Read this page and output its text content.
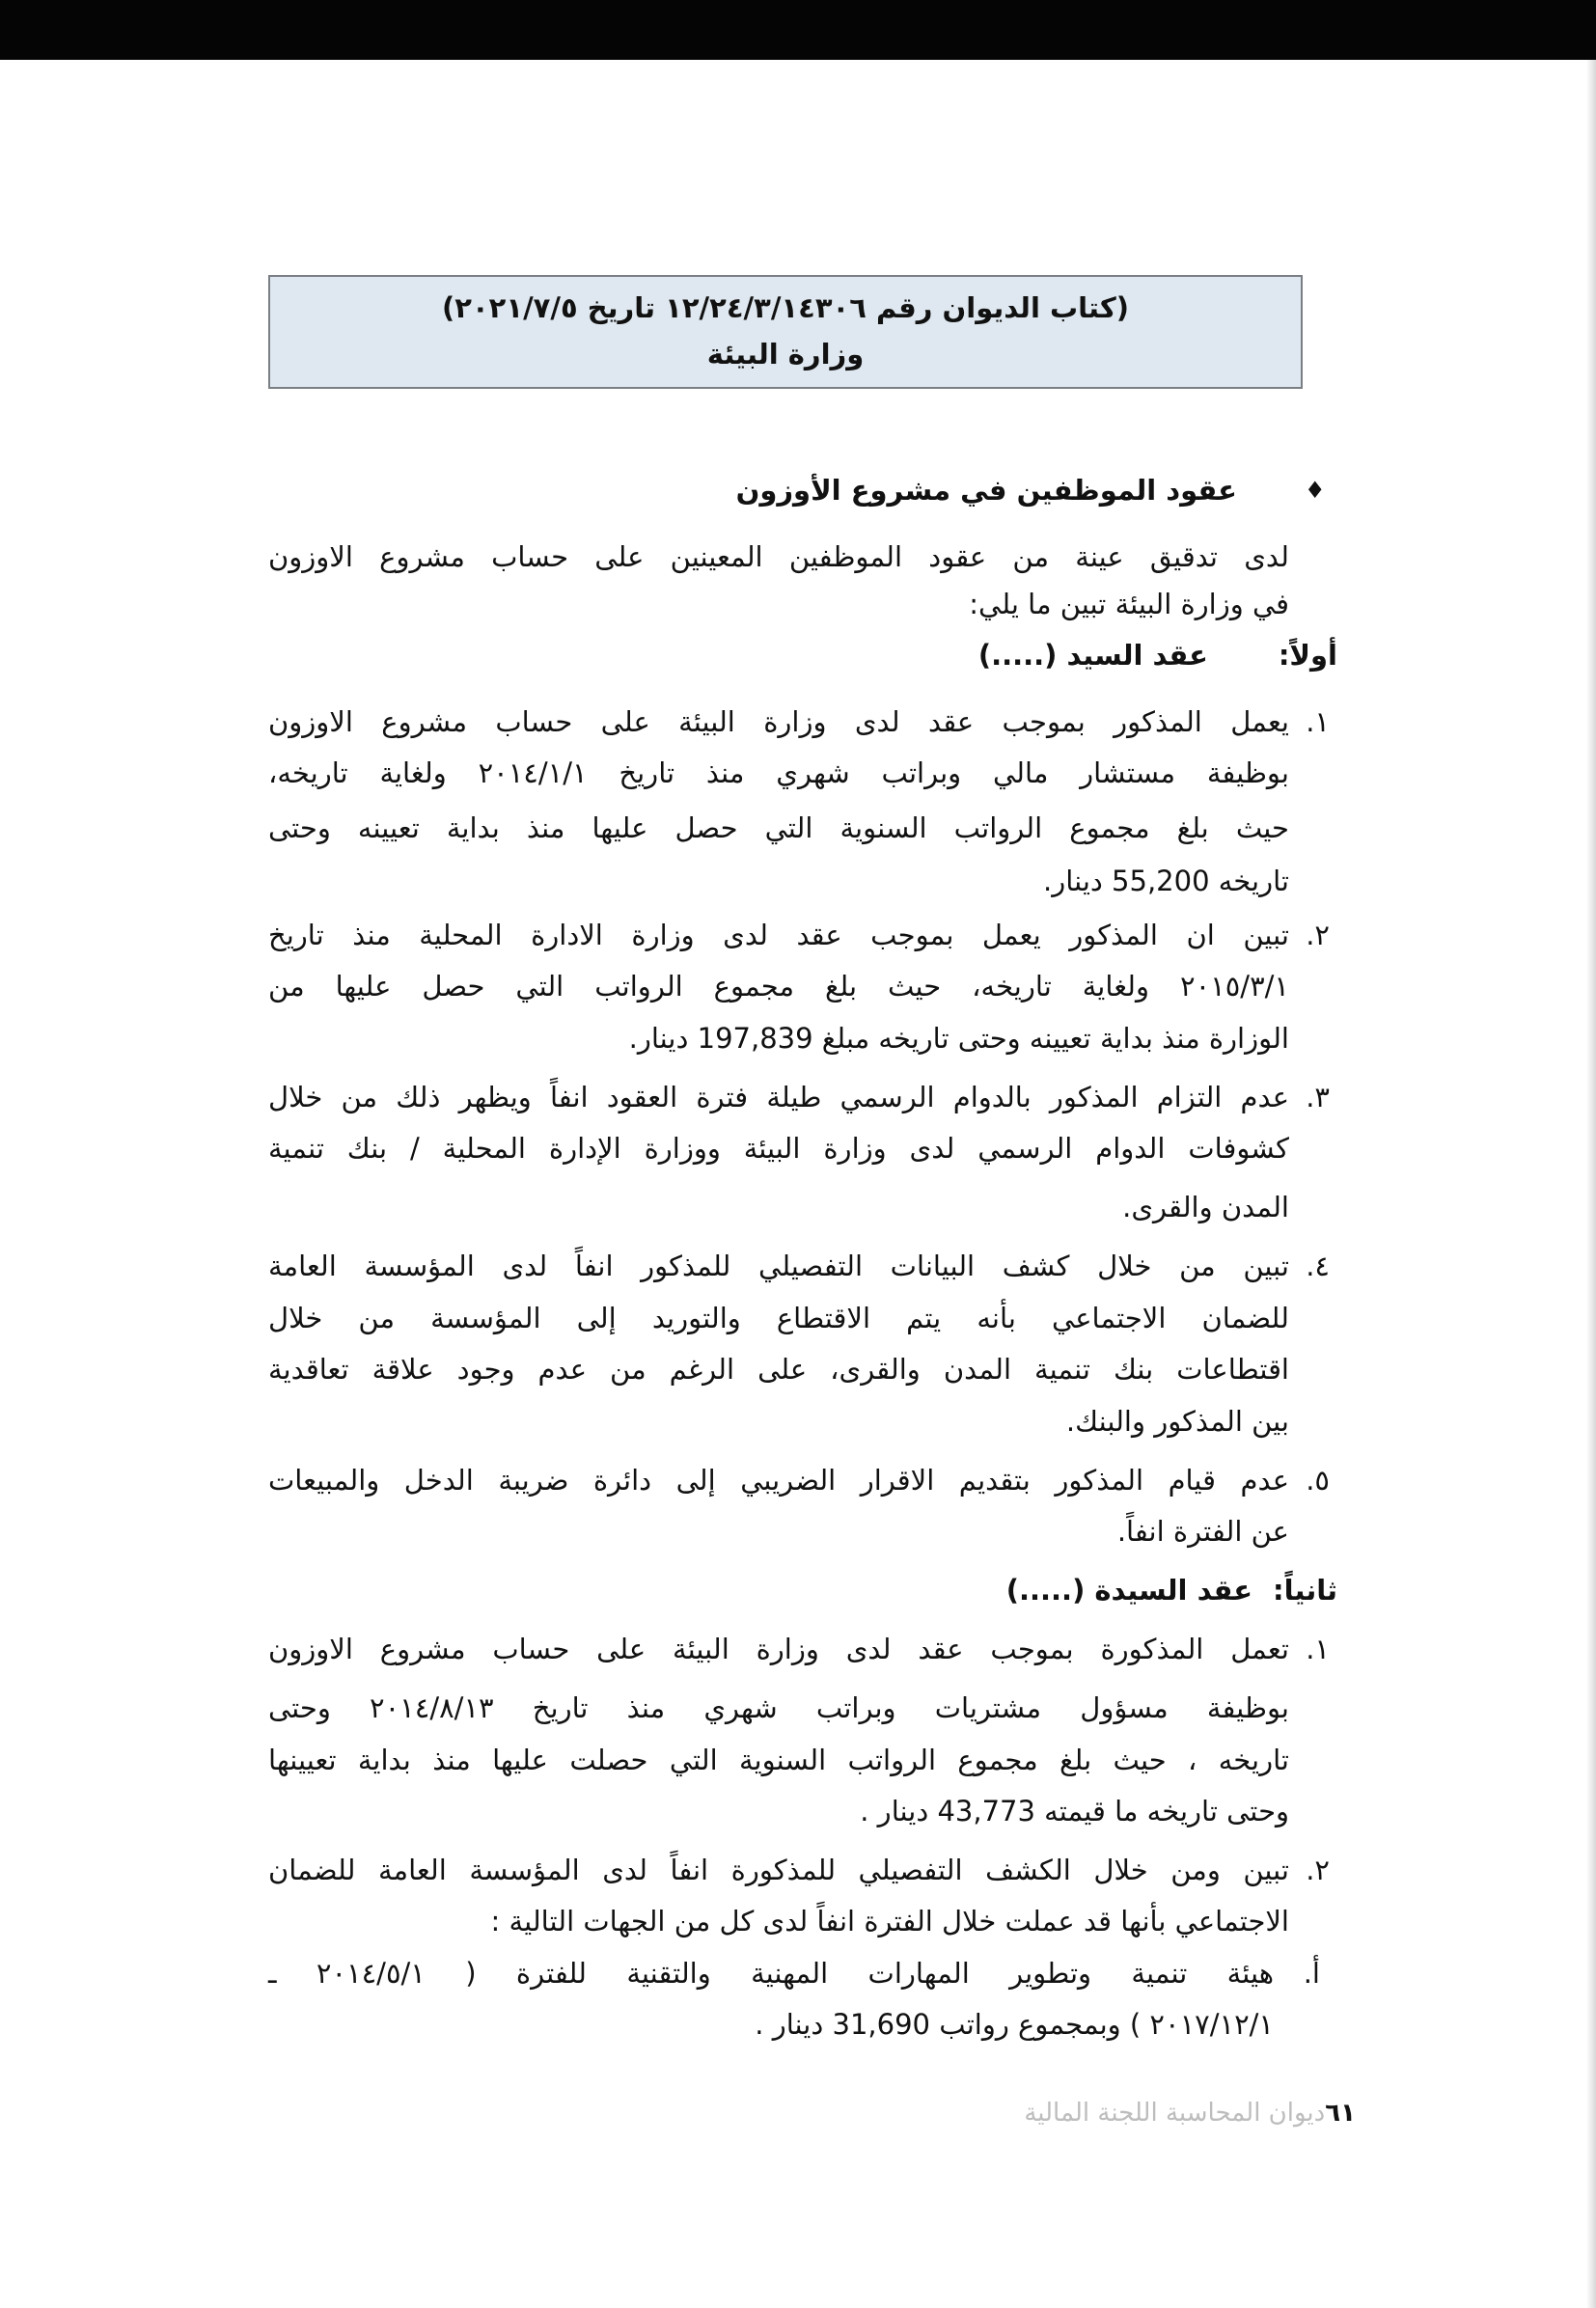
(كتاب الديوان رقم ١٢/٢٤/٣/١٤٣٠٦ تاريخ ٢٠٢١/٧/٥)
وزارة البيئة
٦١ديوان المحاسبة اللجنة المالية
♦
عقود الموظفين في مشروع الأوزون
لدى تدقيق عينة من عقود الموظفين المعينين على حساب مشروع الاوزون
في وزارة البيئة تبين ما يلي:
أولاً:
عقد السيد (.....)
١.
يعمل المذكور بموجب عقد لدى وزارة البيئة على حساب مشروع الاوزون
بوظيفة مستشار مالي وبراتب شهري منذ تاريخ ٢٠١٤/١/١ ولغاية تاريخه،
حيث بلغ مجموع الرواتب السنوية التي حصل عليها منذ بداية تعيينه وحتى
تاريخه 55,200 دينار.
٢.
تبين ان المذكور يعمل بموجب عقد لدى وزارة الادارة المحلية منذ تاريخ
٢٠١٥/٣/١ ولغاية تاريخه، حيث بلغ مجموع الرواتب التي حصل عليها من
الوزارة منذ بداية تعيينه وحتى تاريخه مبلغ 197,839 دينار.
٣.
عدم التزام المذكور بالدوام الرسمي طيلة فترة العقود انفاً ويظهر ذلك من خلال
كشوفات الدوام الرسمي لدى وزارة البيئة ووزارة الإدارة المحلية / بنك تنمية
المدن والقرى.
٤.
تبين من خلال كشف البيانات التفصيلي للمذكور انفاً لدى المؤسسة العامة
للضمان الاجتماعي بأنه يتم الاقتطاع والتوريد إلى المؤسسة من خلال
اقتطاعات بنك تنمية المدن والقرى، على الرغم من عدم وجود علاقة تعاقدية
بين المذكور والبنك.
٥.
عدم قيام المذكور بتقديم الاقرار الضريبي إلى دائرة ضريبة الدخل والمبيعات
عن الفترة انفاً.
ثانياً:
عقد السيدة (.....)
١.
تعمل المذكورة بموجب عقد لدى وزارة البيئة على حساب مشروع الاوزون
بوظيفة مسؤول مشتريات وبراتب شهري منذ تاريخ ٢٠١٤/٨/١٣ وحتى
تاريخه ، حيث بلغ مجموع الرواتب السنوية التي حصلت عليها منذ بداية تعيينها
وحتى تاريخه ما قيمته 43,773 دينار .
٢.
تبين ومن خلال الكشف التفصيلي للمذكورة انفاً لدى المؤسسة العامة للضمان
الاجتماعي بأنها قد عملت خلال الفترة انفاً لدى كل من الجهات التالية :
أ.
هيئة تنمية وتطوير المهارات المهنية والتقنية للفترة ( ٢٠١٤/٥/١ ـ
٢٠١٧/١٢/١ ) وبمجموع رواتب 31,690 دينار .
